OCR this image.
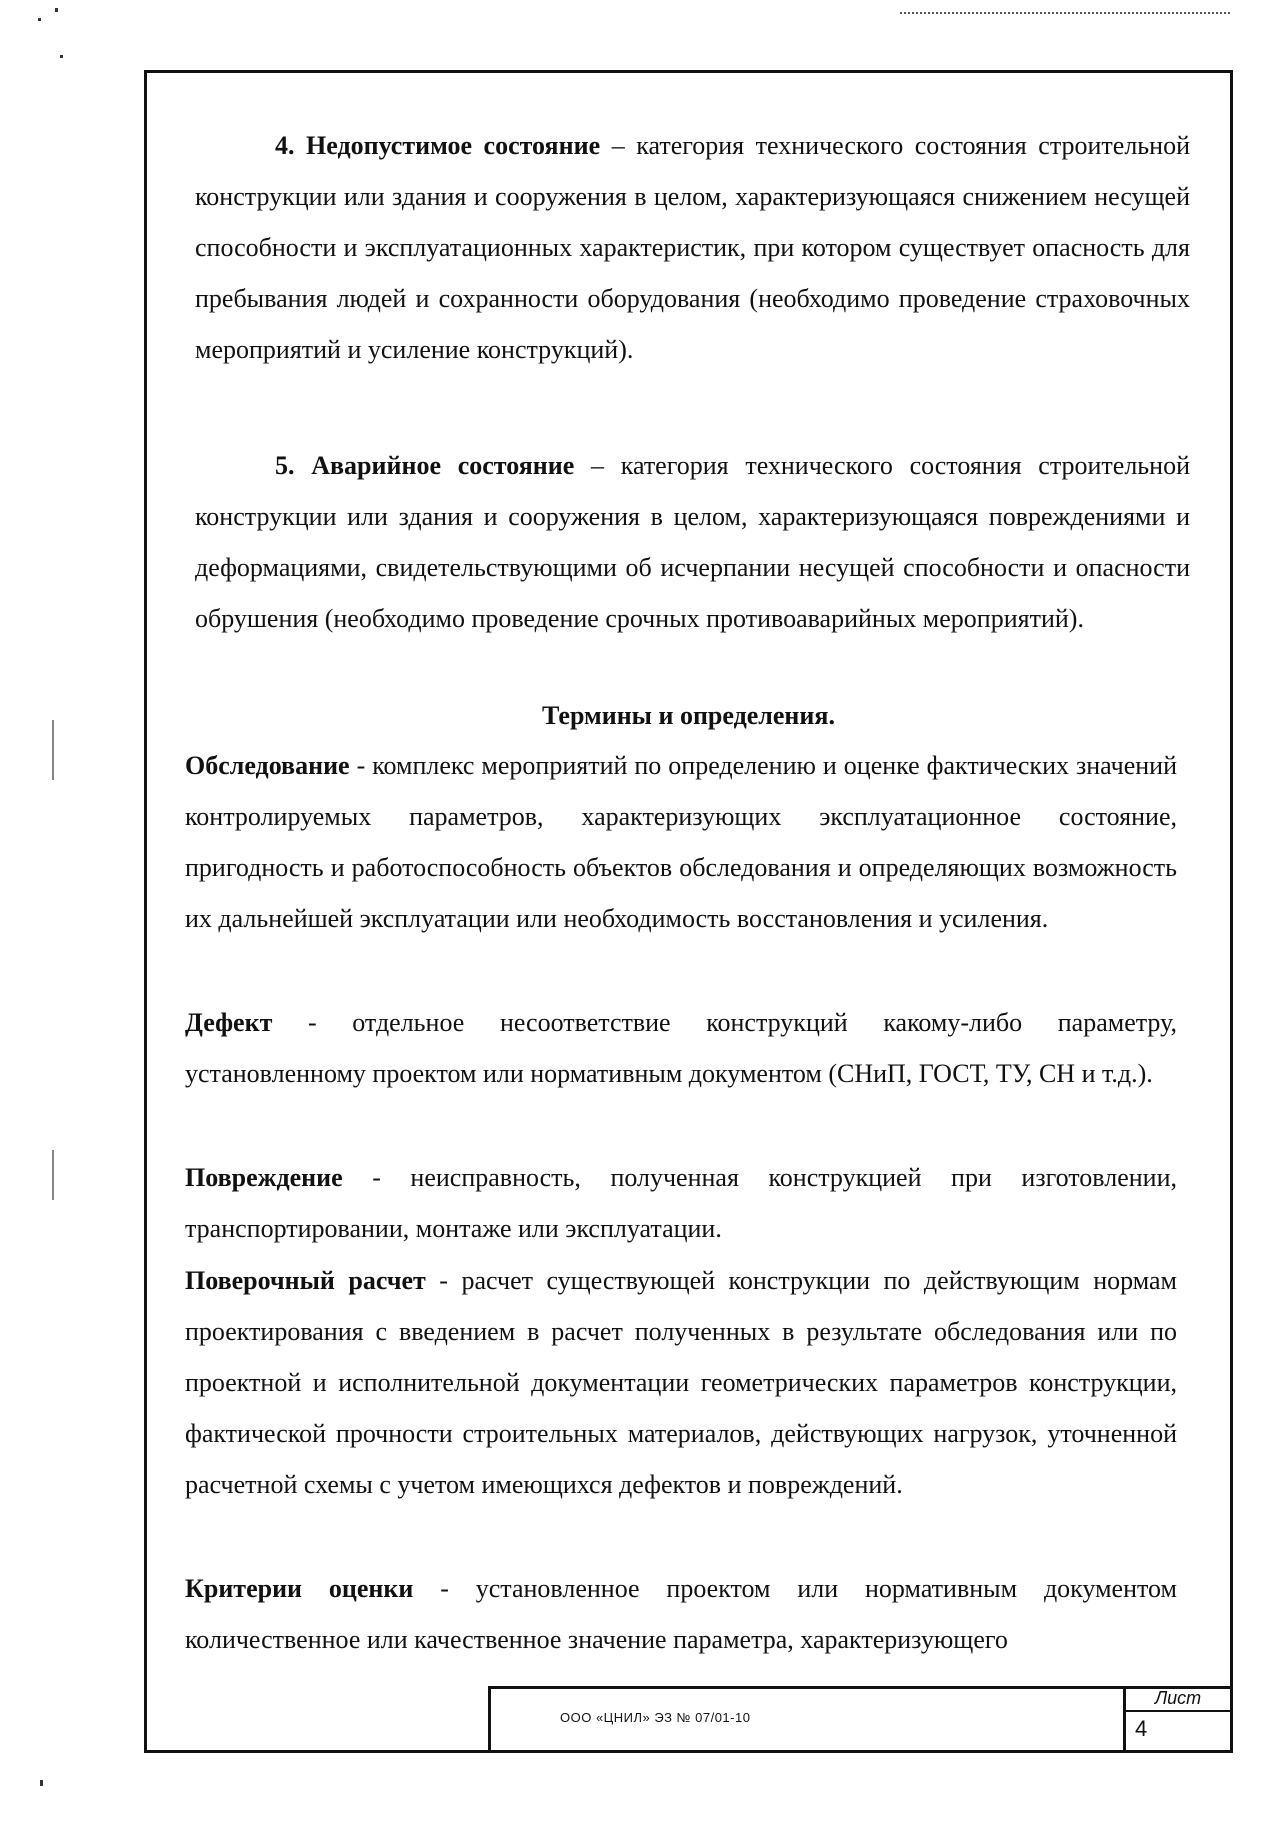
4. Недопустимое состояние – категория технического состояния строительной конструкции или здания и сооружения в целом, характеризующаяся снижением несущей способности и эксплуатационных характеристик, при котором существует опасность для пребывания людей и сохранности оборудования (необходимо проведение страховочных мероприятий и усиление конструкций).

5. Аварийное состояние – категория технического состояния строительной конструкции или здания и сооружения в целом, характеризующаяся повреждениями и деформациями, свидетельствующими об исчерпании несущей способности и опасности обрушения (необходимо проведение срочных противоаварийных мероприятий).

Термины и определения.

Обследование - комплекс мероприятий по определению и оценке фактических значений контролируемых параметров, характеризующих эксплуатационное состояние, пригодность и работоспособность объектов обследования и определяющих возможность их дальнейшей эксплуатации или необходимость восстановления и усиления.

Дефект - отдельное несоответствие конструкций какому-либо параметру, установленному проектом или нормативным документом (СНиП, ГОСТ, ТУ, СН и т.д.).

Повреждение - неисправность, полученная конструкцией при изготовлении, транспортировании, монтаже или эксплуатации.

Поверочный расчет - расчет существующей конструкции по действующим нормам проектирования с введением в расчет полученных в результате обследования или по проектной и исполнительной документации геометрических параметров конструкции, фактической прочности строительных материалов, действующих нагрузок, уточненной расчетной схемы с учетом имеющихся дефектов и повреждений.

Критерии оценки - установленное проектом или нормативным документом количественное или качественное значение параметра, характеризующего

ООО «ЦНИЛ» ЭЗ № 07/01-10
Лист
4
